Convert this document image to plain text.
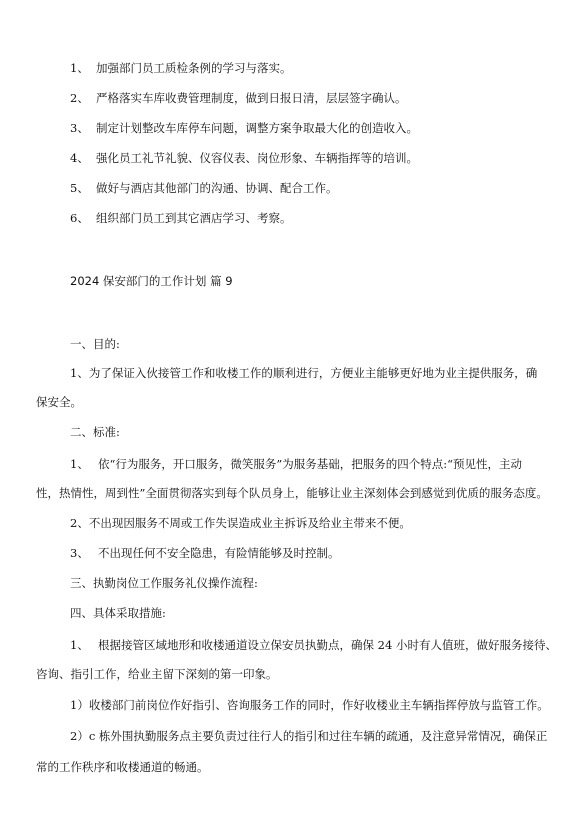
1、 加强部门员工质检条例的学习与落实。
2、 严格落实车库收费管理制度，做到日报日清，层层签字确认。
3、 制定计划整改车库停车问题，调整方案争取最大化的创造收入。
4、 强化员工礼节礼貌、仪容仪表、岗位形象、车辆指挥等的培训。
5、 做好与酒店其他部门的沟通、协调、配合工作。
6、 组织部门员工到其它酒店学习、考察。
2024 保安部门的工作计划 篇 9
一、目的:
1、为了保证入伙接管工作和收楼工作的顺利进行，方便业主能够更好地为业主提供服务，确
保安全。
二、标准:
1、 依“行为服务，开口服务，微笑服务”为服务基础，把服务的四个特点:“预见性，主动
性，热情性，周到性”全面贯彻落实到每个队员身上，能够让业主深刻体会到感觉到优质的服务态度。
2、不出现因服务不周或工作失误造成业主拆诉及给业主带来不便。
3、 不出现任何不安全隐患，有险情能够及时控制。
三、执勤岗位工作服务礼仪操作流程:
四、具体采取措施:
1、 根据接管区域地形和收楼通道设立保安员执勤点，确保 24 小时有人值班，做好服务接待、
咨询、指引工作，给业主留下深刻的第一印象。
1）收楼部门前岗位作好指引、咨询服务工作的同时，作好收楼业主车辆指挥停放与监管工作。
2）c 栋外围执勤服务点主要负责过往行人的指引和过往车辆的疏通，及注意异常情况，确保正
常的工作秩序和收楼通道的畅通。
